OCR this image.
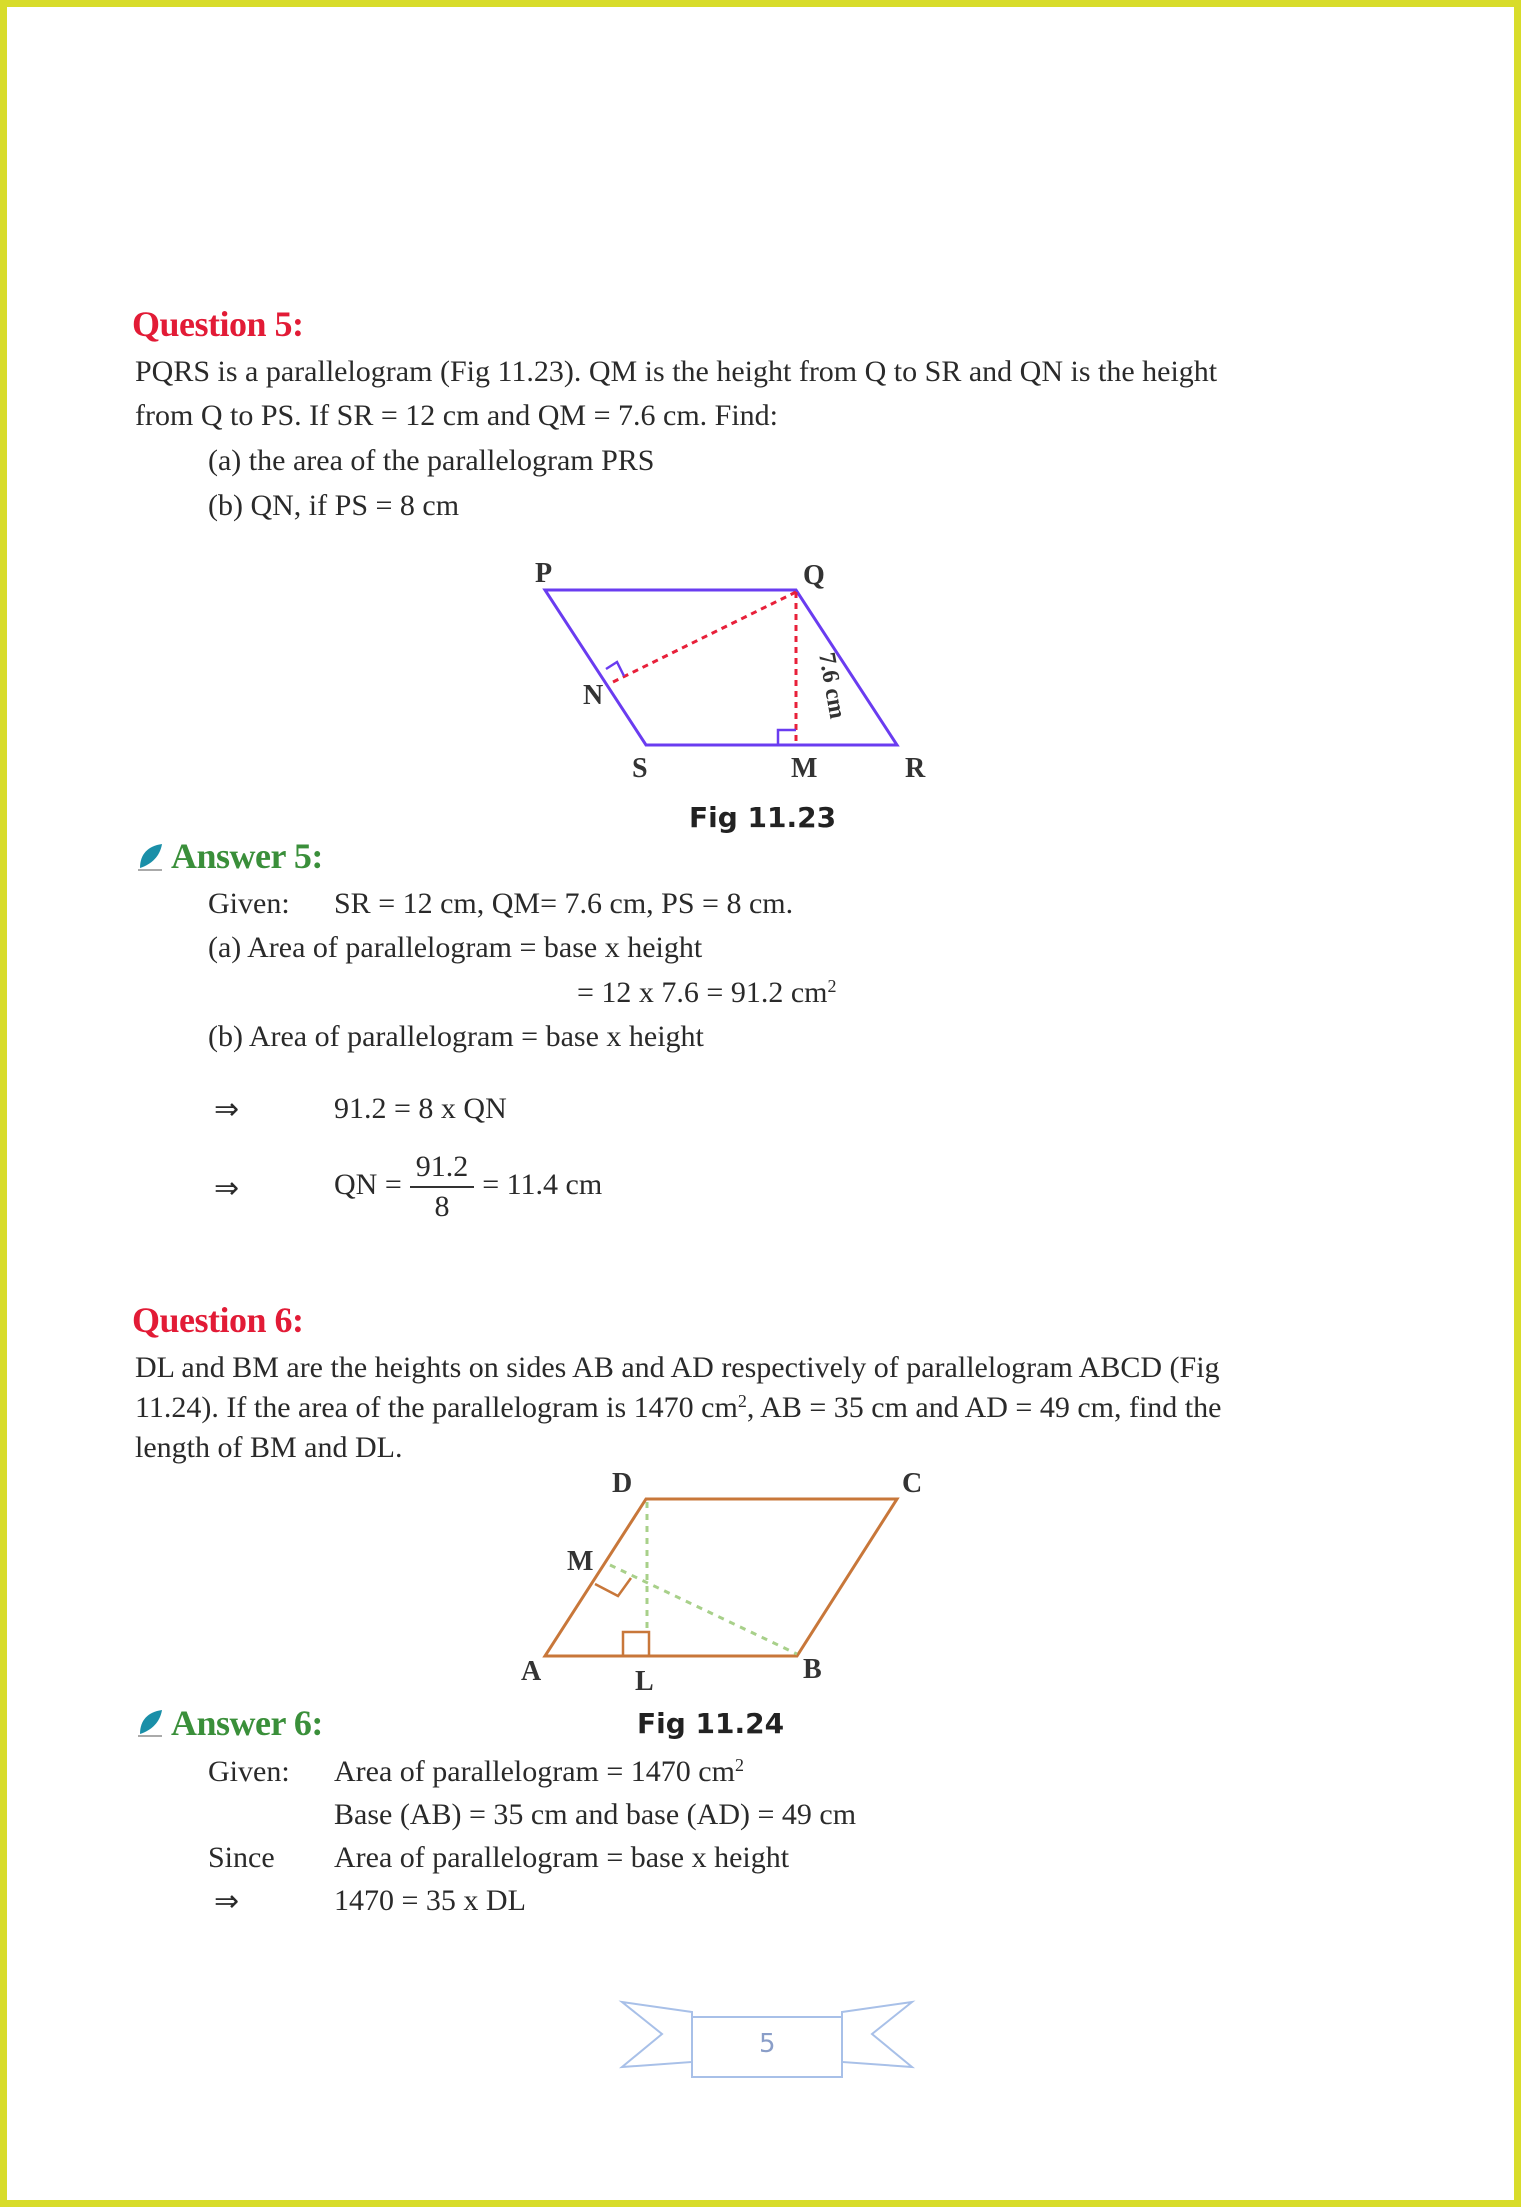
Question 5:
PQRS is a parallelogram (Fig 11.23). QM is the height from Q to SR and QN is the height
from Q to PS. If SR = 12 cm and QM = 7.6 cm. Find:
(a) the area of the parallelogram PRS
(b) QN, if PS = 8 cm
P	Q
R
S
N
M
7.6 cm
Fig 11.23
Answer 5:
Given: SR = 12 cm, QM= 7.6 cm, PS = 8 cm.
(a) Area of parallelogram = base x height
= 12 x 7.6 = 91.2 $cm^2$
(b) Area of parallelogram = base x height
⇒	91.2 = 8 x QN
⇒	QN = $\frac{91.2}{8} = 11.4$ cm
Question 6:
DL and BM are the heights on sides AB and AD respectively of parallelogram ABCD (Fig
11.24). If the area of the parallelogram is 1470 $cm^2$, AB = 35 cm and AD = 49 cm, find the
length of BM and DL.
D	C
A	B
M
L
Fig 11.24
Answer 6:
Given: Area of parallelogram = 1470 $cm^2$
Base (AB) = 35 cm and base (AD) = 49 cm
Since Area of parallelogram = base x height
⇒	1470 = 35 x DL
5
